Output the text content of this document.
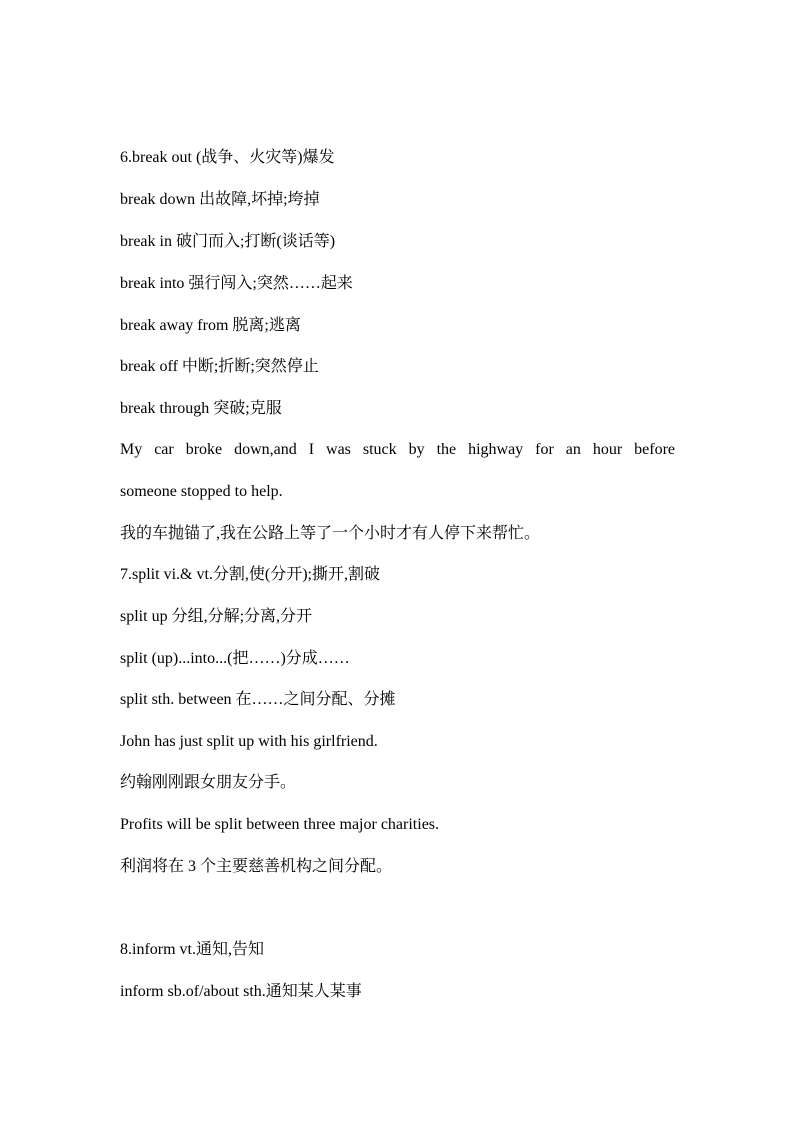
6.break out (战争、火灾等)爆发
break down 出故障,坏掉;垮掉
break in 破门而入;打断(谈话等)
break into 强行闯入;突然……起来
break away from 脱离;逃离
break off 中断;折断;突然停止
break through 突破;克服
My car broke down,and I was stuck by the highway for an hour before
someone stopped to help.
我的车抛锚了,我在公路上等了一个小时才有人停下来帮忙。
7.split vi.& vt.分割,使(分开);撕开,割破
split up 分组,分解;分离,分开
split (up)...into...(把……)分成……
split sth. between 在……之间分配、分摊
John has just split up with his girlfriend.
约翰刚刚跟女朋友分手。
Profits will be split between three major charities.
利润将在 3 个主要慈善机构之间分配。
8.inform vt.通知,告知
inform sb.of/about sth.通知某人某事
